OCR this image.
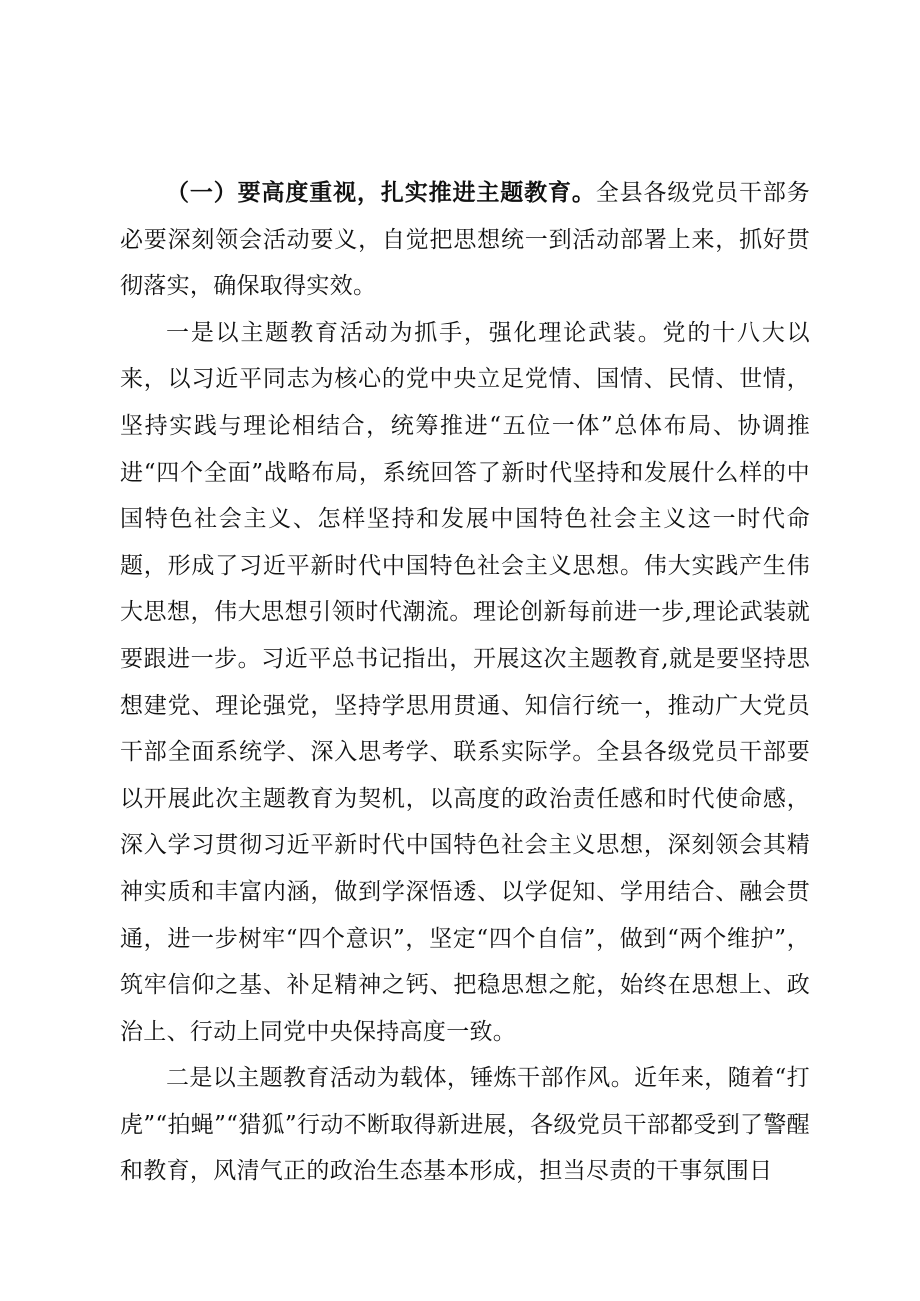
（一）要高度重视，扎实推进主题教育。全县各级党员干部务必要深刻领会活动要义，自觉把思想统一到活动部署上来，抓好贯彻落实，确保取得实效。

一是以主题教育活动为抓手，强化理论武装。党的十八大以来，以习近平同志为核心的党中央立足党情、国情、民情、世情，坚持实践与理论相结合，统筹推进“五位一体”总体布局、协调推进“四个全面”战略布局，系统回答了新时代坚持和发展什么样的中国特色社会主义、怎样坚持和发展中国特色社会主义这一时代命题，形成了习近平新时代中国特色社会主义思想。伟大实践产生伟大思想，伟大思想引领时代潮流。理论创新每前进一步,理论武装就要跟进一步。习近平总书记指出，开展这次主题教育,就是要坚持思想建党、理论强党，坚持学思用贯通、知信行统一，推动广大党员干部全面系统学、深入思考学、联系实际学。全县各级党员干部要以开展此次主题教育为契机，以高度的政治责任感和时代使命感，深入学习贯彻习近平新时代中国特色社会主义思想，深刻领会其精神实质和丰富内涵，做到学深悟透、以学促知、学用结合、融会贯通，进一步树牢“四个意识”，坚定“四个自信”，做到“两个维护”，筑牢信仰之基、补足精神之钙、把稳思想之舵，始终在思想上、政治上、行动上同党中央保持高度一致。

二是以主题教育活动为载体，锤炼干部作风。近年来，随着“打虎”“拍蝇”“猎狐”行动不断取得新进展，各级党员干部都受到了警醒和教育，风清气正的政治生态基本形成，担当尽责的干事氛围日
